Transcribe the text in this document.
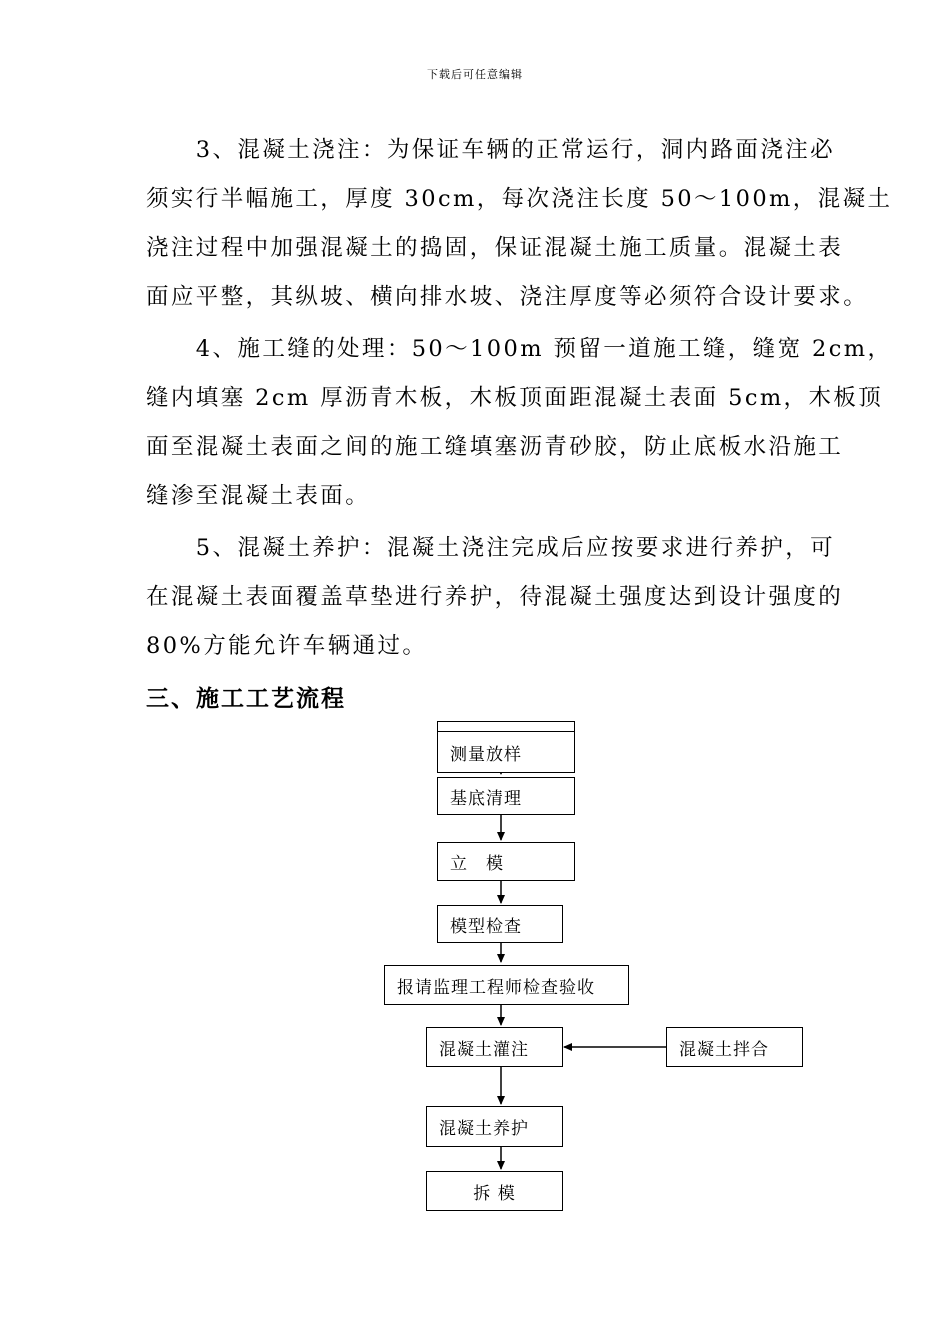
下载后可任意编辑
　　3、混凝土浇注：为保证车辆的正常运行，洞内路面浇注必
须实行半幅施工，厚度 30cm，每次浇注长度 50～100m，混凝土
浇注过程中加强混凝土的捣固，保证混凝土施工质量。混凝土表
面应平整，其纵坡、横向排水坡、浇注厚度等必须符合设计要求。
　　4、施工缝的处理：50～100m 预留一道施工缝，缝宽 2cm，
缝内填塞 2cm 厚沥青木板，木板顶面距混凝土表面 5cm，木板顶
面至混凝土表面之间的施工缝填塞沥青砂胶，防止底板水沿施工
缝渗至混凝土表面。
　　5、混凝土养护：混凝土浇注完成后应按要求进行养护，可
在混凝土表面覆盖草垫进行养护，待混凝土强度达到设计强度的
80%方能允许车辆通过。
三、施工工艺流程
测量放样
基底清理
立　模
模型检查
报请监理工程师检查验收
混凝土灌注	混凝土拌合
混凝土养护
拆 模
